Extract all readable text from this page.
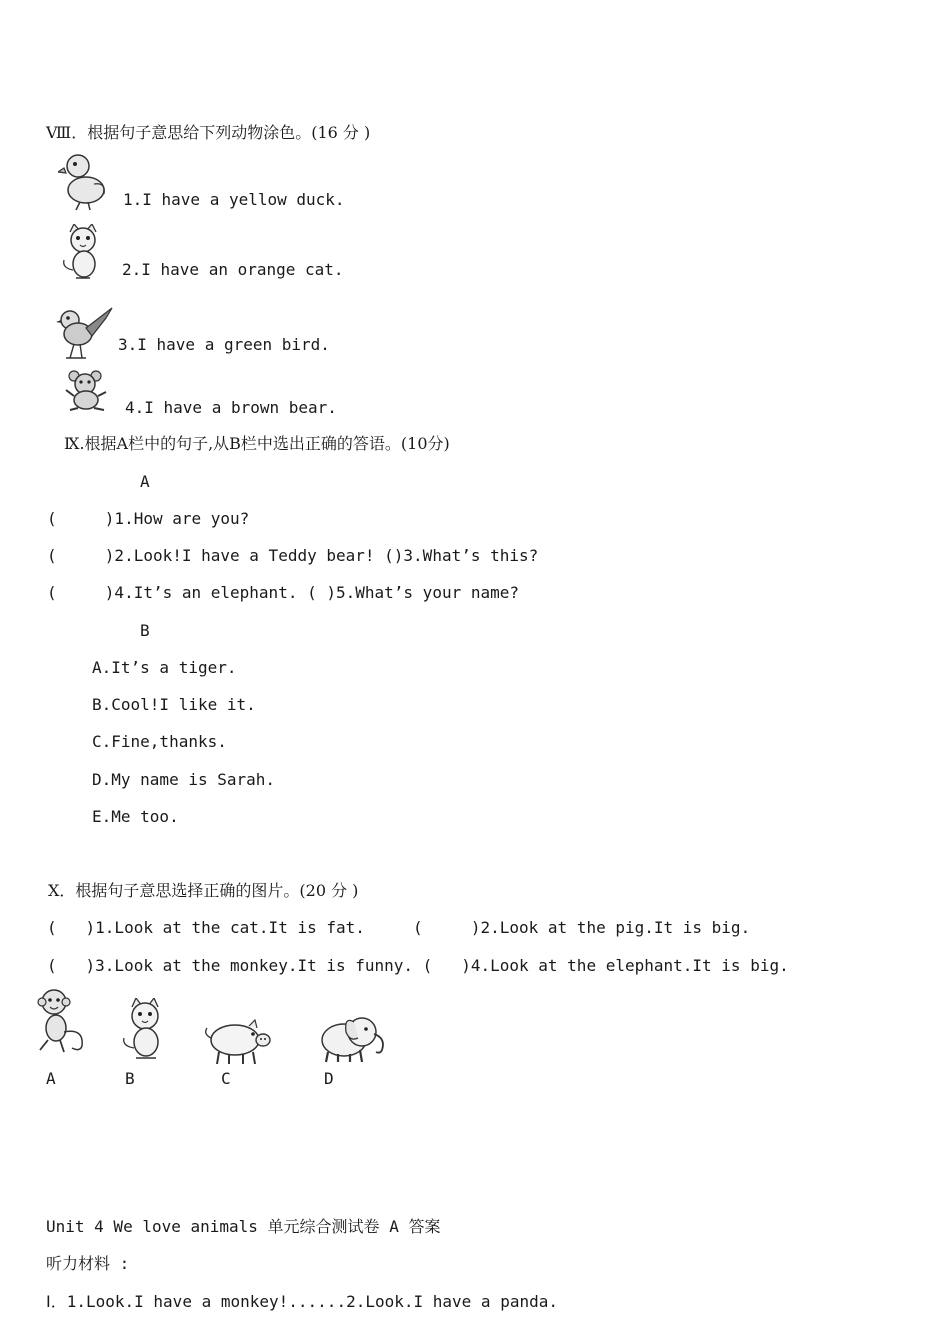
Ⅷ．根据句子意思给下列动物涂色。(16 分 )
1.I have a yellow duck.
2.I have an orange cat.
3.I have a green bird.
4.I have a brown bear.
Ⅸ.根据A栏中的句子,从B栏中选出正确的答语。(10分)
A
(     )1.How are you?
(     )2.Look!I have a Teddy bear! ()3.What’s this?
(     )4.It’s an elephant. ( )5.What’s your name?
B
A.It’s a tiger.
B.Cool!I like it.
C.Fine,thanks.
D.My name is Sarah.
E.Me too.
Ⅹ．根据句子意思选择正确的图片。(20 分 )
(   )1.Look at the cat.It is fat.     (     )2.Look at the pig.It is big.
(   )3.Look at the monkey.It is funny. (   )4.Look at the elephant.It is big.
A	B	C	D
Unit 4 We love animals 单元综合测试卷 A 答案
听力材料 :
Ⅰ．1.Look.I have a monkey!......2.Look.I have a panda.
